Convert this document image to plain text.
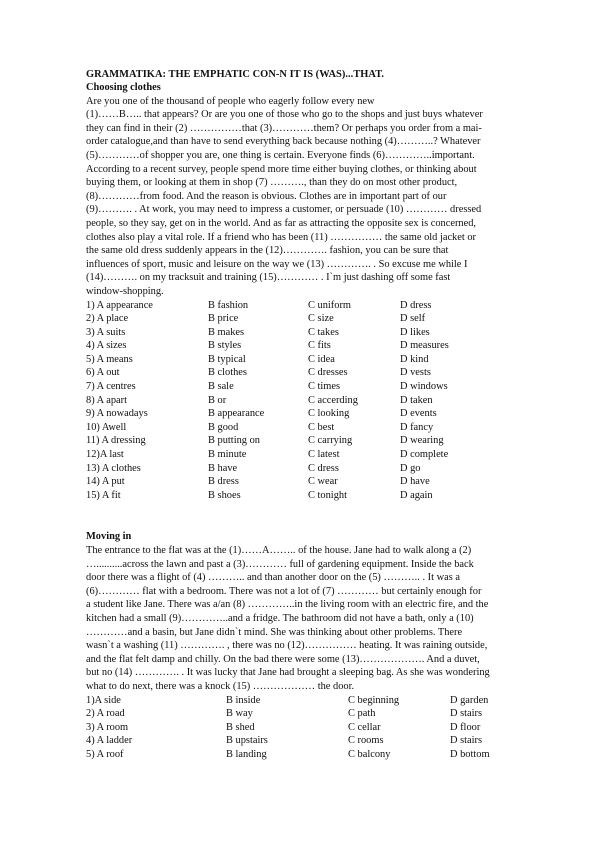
GRAMMATIKA: THE EMPHATIC CON-N IT IS (WAS)...THAT.
Choosing clothes

Are you one of the thousand of people who eagerly follow every new

(1)……B….. that appears? Or are you one of those who go to the shops and just buys whatever

they can find in their (2) ……………that (3)…………them? Or perhaps you order from a mai-

order catalogue,and than have to send everything back because nothing (4)………..? Whatever

(5)…………of shopper you are, one thing is certain. Everyone finds (6)…………..important.

According to a recent survey, people spend more time either buying clothes, or thinking about

buying them, or looking at them in shop (7) ………., than they do on most other product,

(8)…………from food. And the reason is obvious. Clothes are in important part of our

(9)………. . At work, you may need to impress a customer, or persuade (10) ………… dressed

people, so they say, get on in the world. And as far as attracting the opposite sex is concerned,

clothes also play a vital role. If a friend who has been (11) …………… the same old jacket or

the same old dress suddenly appears in the (12)…………. fashion, you can be sure that

influences of sport, music and leisure on the way we (13) …………. . So excuse me while I

(14)………. on my tracksuit and training (15)………… . I`m just dashing off some fast

window-shopping.

1) A appearance	B fashion	C uniform	D dress
2) A place	B price	C size	D self
3) A suits	B makes	C takes	D likes
4) A sizes	B styles	C fits	D measures
5) A means	B typical	C idea	D kind
6) A out	B clothes	C dresses	D vests
7) A centres	B sale	C times	D windows
8) A apart	B or	C accerding	D taken
9) A nowadays	B appearance	C looking	D events
10) Awell	B good	C best	D fancy
11) A dressing	B putting on	C carrying	D wearing
12)A last	B minute	C latest	D complete
13) A clothes	B have	C dress	D go
14) A put	B dress	C wear	D have
15) A fit	B shoes	C tonight	D again
Moving in

The entrance to the flat was at the (1)……A…….. of the house. Jane had to walk along a (2)

…..........across the lawn and past a (3)………… full of gardening equipment. Inside the back

door there was a flight of (4) ……….. and than another door on the (5) ……….. . It was a

(6)………… flat with a bedroom. There was not a lot of (7) ………… but certainly enough for

a student like Jane. There was a/an (8) …………..in the living room with an electric fire, and the

kitchen had a small (9)…………..and a fridge. The bathroom did not have a bath, only a (10)

…………and a basin, but Jane didn`t mind. She was thinking about other problems. There

wasn`t a washing (11) …………. , there was no (12)…………… heating. It was raining outside,

and the flat felt damp and chilly. On the bad there were some (13)………………. And a duvet,

but no (14) …………. . It was lucky that Jane had brought a sleeping bag. As she was wondering

what to do next, there was a knock (15) ……………… the door.

1)A side	B inside	C beginning	D garden
2) A road	B way	C path	D stairs
3) A room	B shed	C cellar	D floor
4) A ladder	B upstairs	C rooms	D stairs
5) A roof	B landing	C balcony	D bottom
